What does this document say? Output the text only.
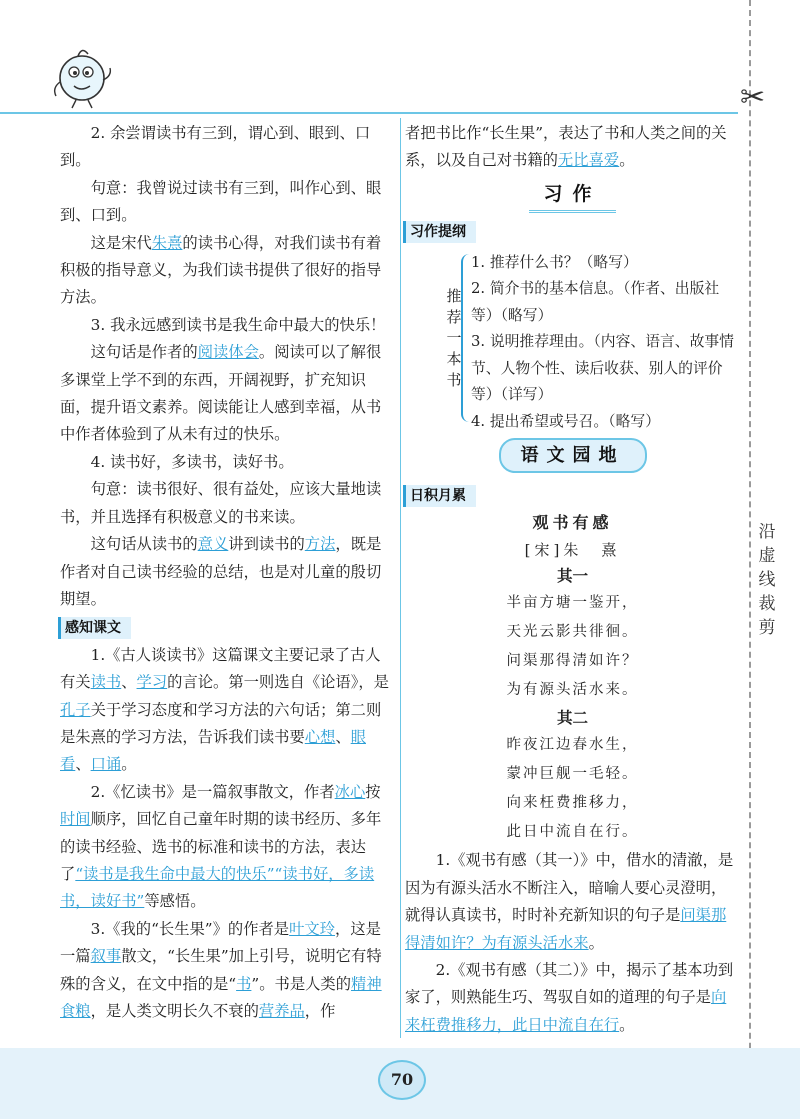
✂
沿虚线裁剪

2. 余尝谓读书有三到，谓心到、眼到、口到。

句意：我曾说过读书有三到，叫作心到、眼到、口到。

这是宋代朱熹的读书心得，对我们读书有着积极的指导意义，为我们读书提供了很好的指导方法。

3. 我永远感到读书是我生命中最大的快乐！

这句话是作者的阅读体会。阅读可以了解很多课堂上学不到的东西，开阔视野，扩充知识面，提升语文素养。阅读能让人感到幸福，从书中作者体验到了从未有过的快乐。

4. 读书好，多读书，读好书。

句意：读书很好、很有益处，应该大量地读书，并且选择有积极意义的书来读。

这句话从读书的意义讲到读书的方法，既是作者对自己读书经验的总结，也是对儿童的殷切期望。

感知课文

1.《古人谈读书》这篇课文主要记录了古人有关读书、学习的言论。第一则选自《论语》，是孔子关于学习态度和学习方法的六句话；第二则是朱熹的学习方法，告诉我们读书要心想、眼看、口诵。

2.《忆读书》是一篇叙事散文，作者冰心按时间顺序，回忆自己童年时期的读书经历、多年的读书经验、选书的标准和读书的方法，表达了“读书是我生命中最大的快乐”“读书好，多读书，读好书”等感悟。

3.《我的“长生果”》的作者是叶文玲，这是一篇叙事散文，“长生果”加上引号，说明它有特殊的含义，在文中指的是“书”。书是人类的精神食粮，是人类文明长久不衰的营养品，作

者把书比作“长生果”，表达了书和人类之间的关系，以及自己对书籍的无比喜爱。

习作
习作提纲
推荐一本书
1. 推荐什么书？（略写）
2. 简介书的基本信息。（作者、出版社等）（略写）
3. 说明推荐理由。（内容、语言、故事情节、人物个性、读后收获、别人的评价等）（详写）
4. 提出希望或号召。（略写）
语文园地
日积月累
观书有感
[宋]朱　熹
其一
半亩方塘一鉴开，
天光云影共徘徊。
问渠那得清如许？
为有源头活水来。
其二
昨夜江边春水生，
蒙冲巨舰一毛轻。
向来枉费推移力，
此日中流自在行。

1.《观书有感（其一）》中，借水的清澈，是因为有源头活水不断注入，暗喻人要心灵澄明，就得认真读书，时时补充新知识的句子是问渠那得清如许？为有源头活水来。

2.《观书有感（其二）》中，揭示了基本功到家了，则熟能生巧、驾驭自如的道理的句子是向来枉费推移力，此日中流自在行。

70
